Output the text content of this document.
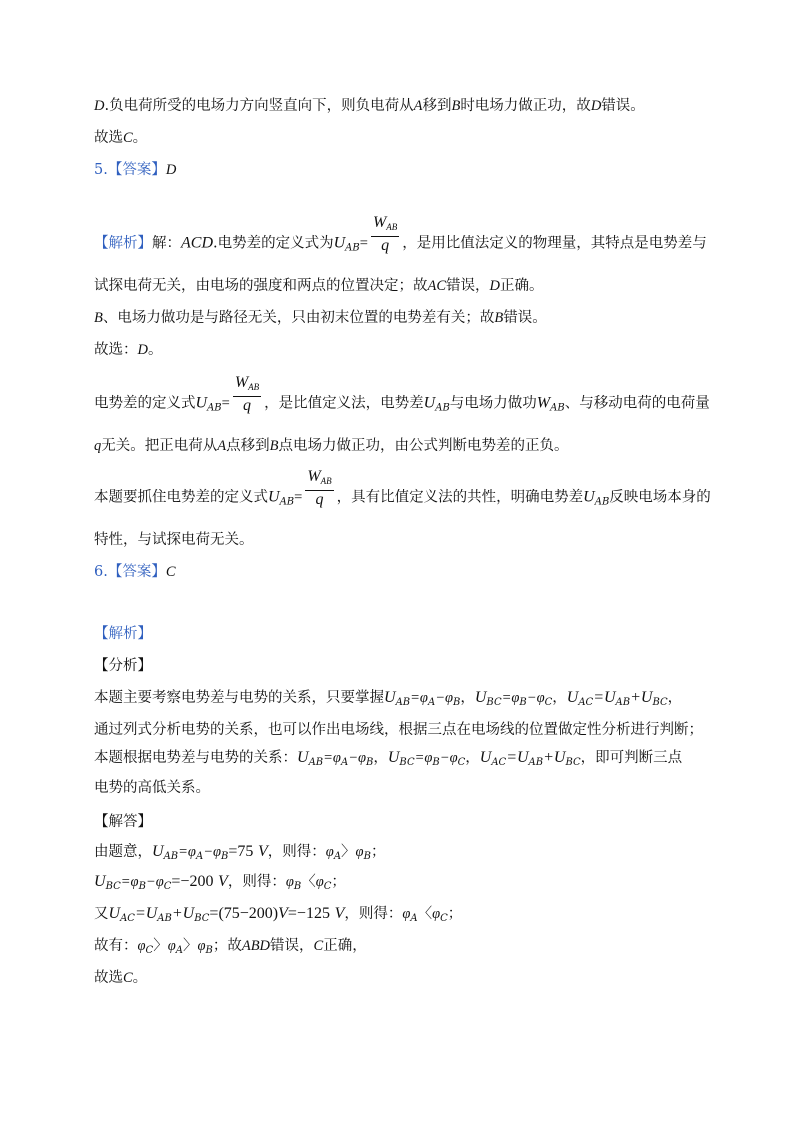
D.负电荷所受的电场力方向竖直向下，则负电荷从A移到B时电场力做正功，故D错误。
故选C。
5.【答案】D
【解析】解：ACD.电势差的定义式为$U_{AB}= \frac{W_{AB}}{q}$ ，是用比值法定义的物理量，其特点是电势差与
试探电荷无关，由电场的强度和两点的位置决定；故AC错误，D正确。
B、电场力做功是与路径无关，只由初末位置的电势差有关；故B错误。
故选：D。
电势差的定义式$U_{AB}= \frac{W_{AB}}{q}$ ，是比值定义法，电势差$U_{AB}$与电场力做功$W_{AB}$、与移动电荷的电荷量
q无关。把正电荷从A点移到B点电场力做正功，由公式判断电势差的正负。
本题要抓住电势差的定义式$U_{AB}= \frac{W_{AB}}{q}$ ，具有比值定义法的共性，明确电势差$U_{AB}$反映电场本身的
特性，与试探电荷无关。
6.【答案】C
【解析】
【分析】
本题主要考察电势差与电势的关系，只要掌握$U_{AB}=\varphi_A-\varphi_B$，$U_{BC}=\varphi_B-\varphi_C$，$U_{AC}=U_{AB}+U_{BC}$，
通过列式分析电势的关系，也可以作出电场线，根据三点在电场线的位置做定性分析进行判断；
本题根据电势差与电势的关系：$U_{AB}=\varphi_A-\varphi_B$，$U_{BC}=\varphi_B-\varphi_C$，$U_{AC}=U_{AB}+U_{BC}$，即可判断三点
电势的高低关系。
【解答】
由题意，$U_{AB}=\varphi_A-\varphi_B=75$ V，则得：$\varphi_A$〉$\varphi_B$；
$U_{BC}=\varphi_B-\varphi_C=-200$ V，则得：$\varphi_B$〈$\varphi_C$；
又$U_{AC}=U_{AB}+U_{BC}=(75-200)V=-125$ V，则得：$\varphi_A$〈$\varphi_C$；
故有：$\varphi_C$〉$\varphi_A$〉$\varphi_B$；故ABD错误，C正确，
故选C。
